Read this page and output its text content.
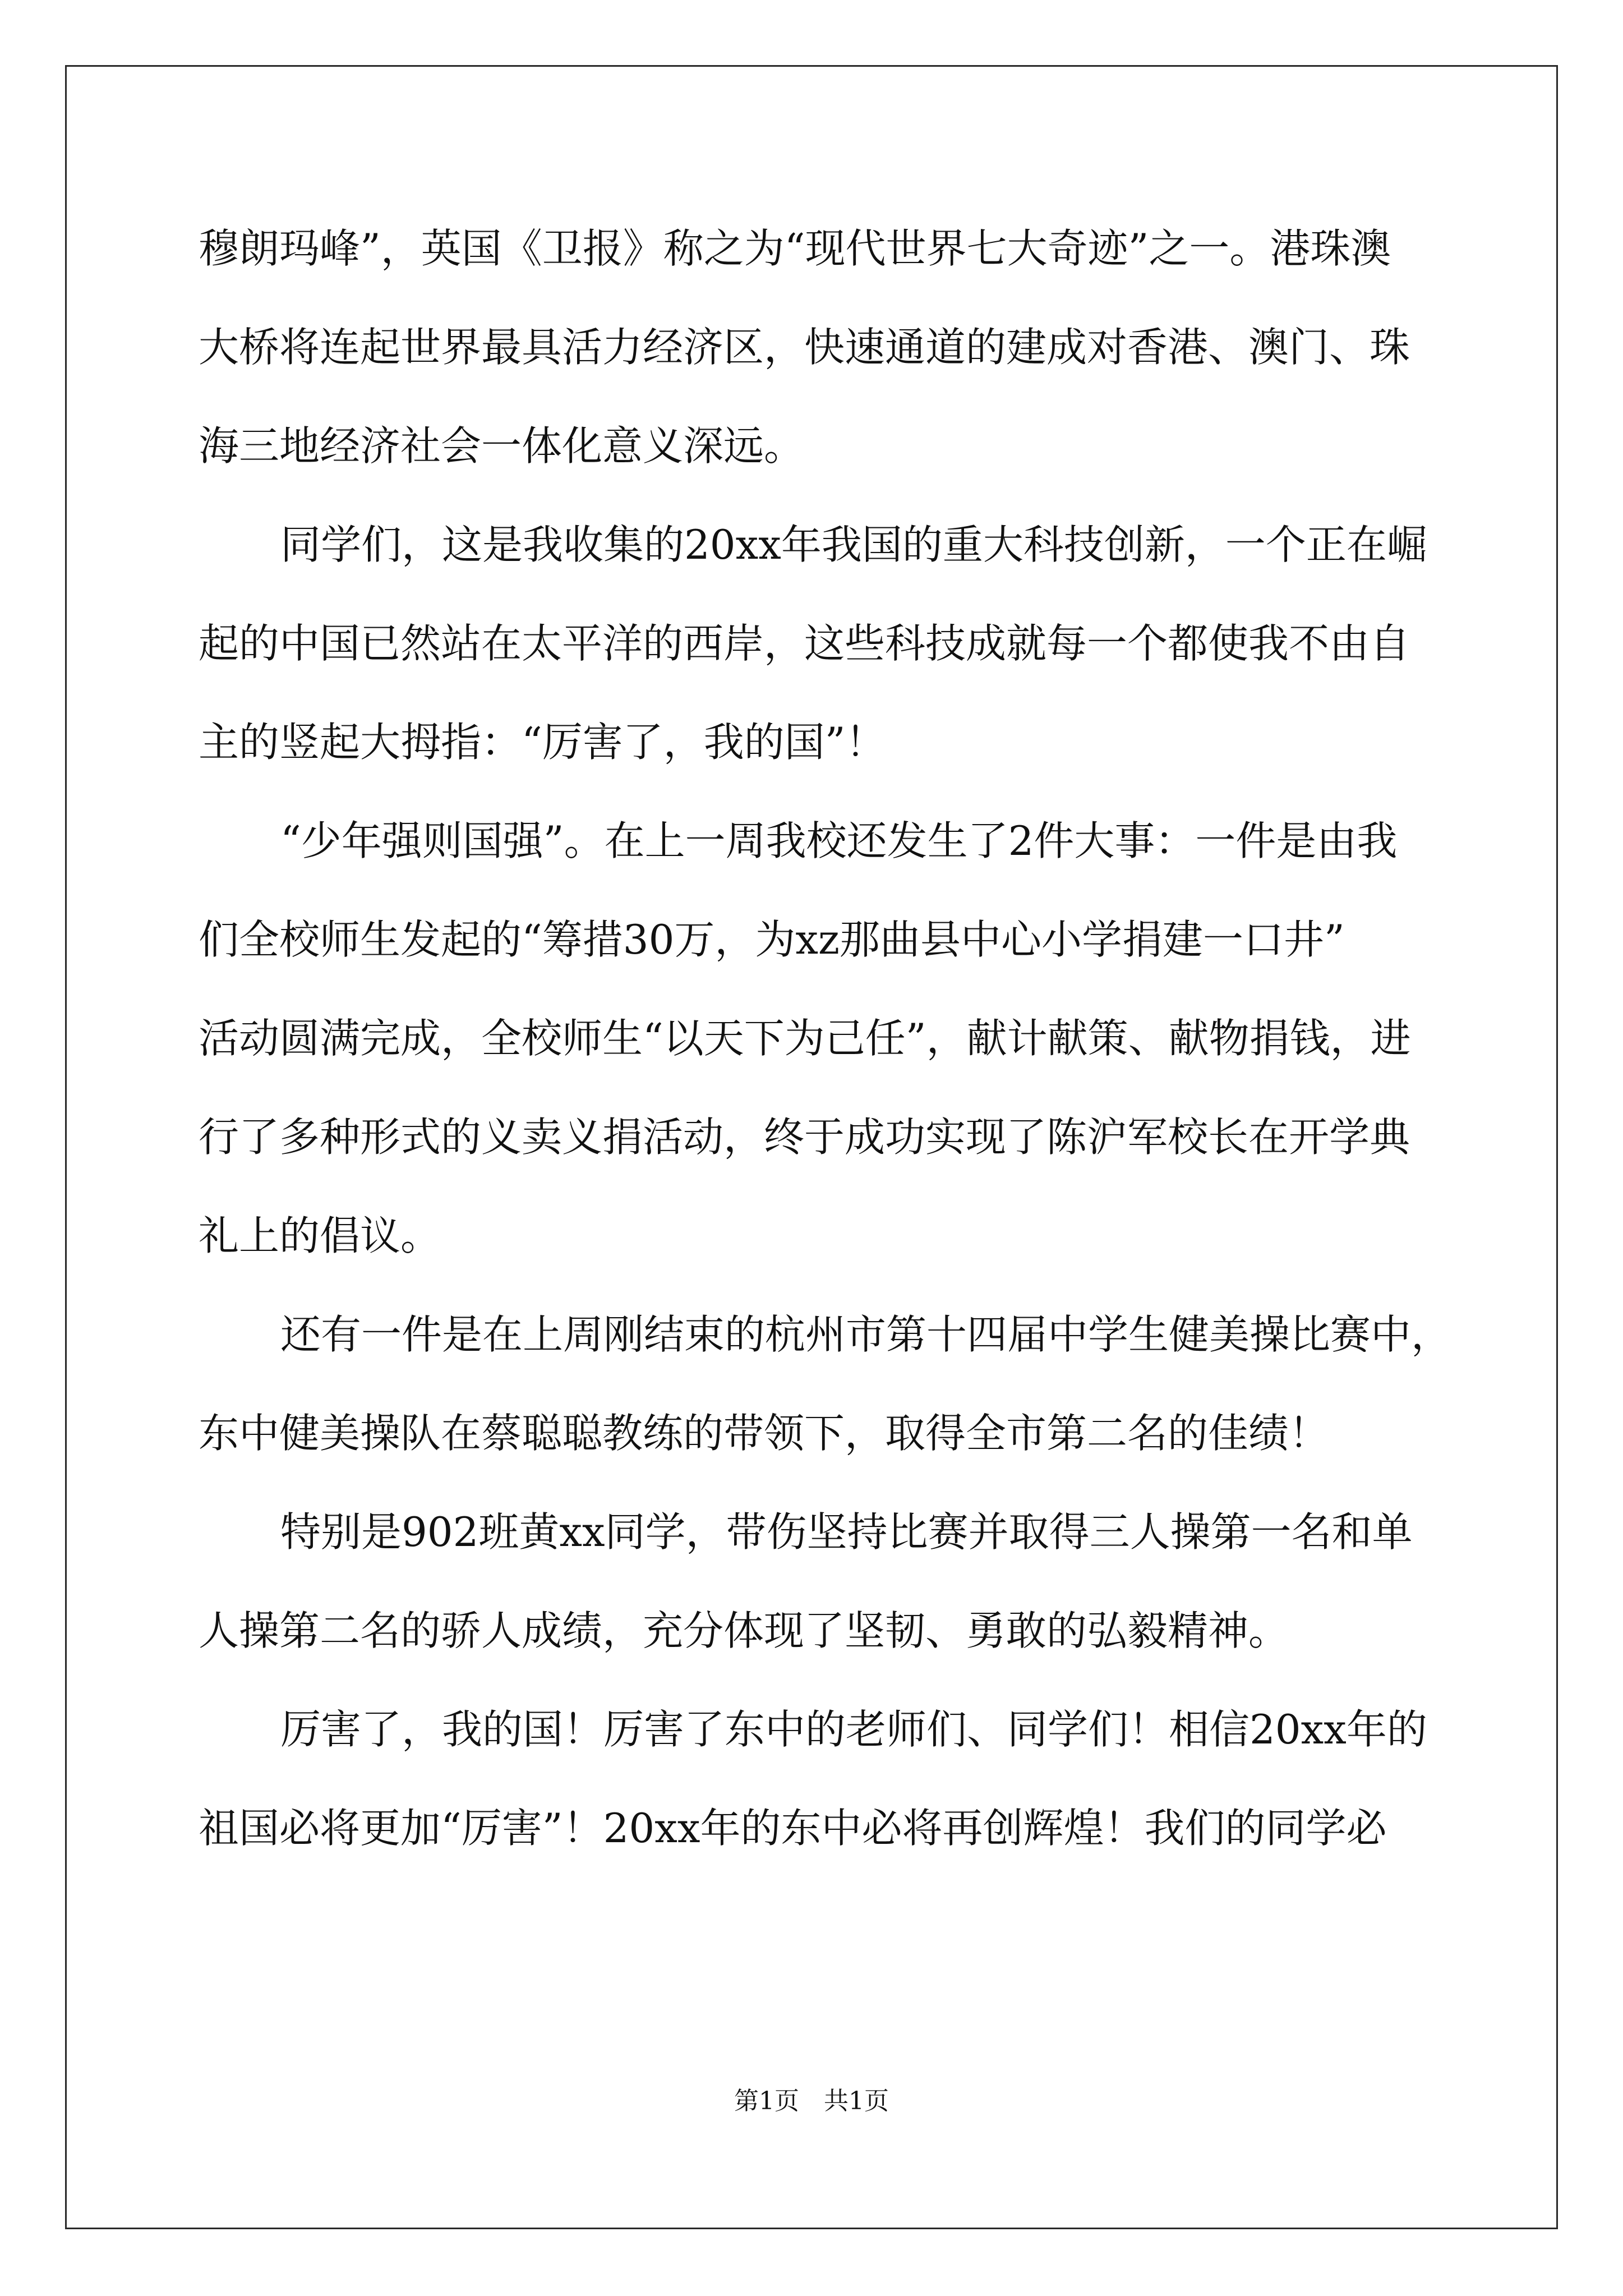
穆朗玛峰”，英国《卫报》称之为“现代世界七大奇迹”之一。港珠澳
大桥将连起世界最具活力经济区，快速通道的建成对香港、澳门、珠
海三地经济社会一体化意义深远。
同学们，这是我收集的20xx年我国的重大科技创新，一个正在崛
起的中国已然站在太平洋的西岸，这些科技成就每一个都使我不由自
主的竖起大拇指：“厉害了，我的国”！
“少年强则国强”。在上一周我校还发生了2件大事：一件是由我
们全校师生发起的“筹措30万，为xz那曲县中心小学捐建一口井”
活动圆满完成，全校师生“以天下为己任”，献计献策、献物捐钱，进
行了多种形式的义卖义捐活动，终于成功实现了陈沪军校长在开学典
礼上的倡议。
还有一件是在上周刚结束的杭州市第十四届中学生健美操比赛中，
东中健美操队在蔡聪聪教练的带领下，取得全市第二名的佳绩！
特别是902班黄xx同学，带伤坚持比赛并取得三人操第一名和单
人操第二名的骄人成绩，充分体现了坚韧、勇敢的弘毅精神。
厉害了，我的国！厉害了东中的老师们、同学们！相信20xx年的
祖国必将更加“厉害”！20xx年的东中必将再创辉煌！我们的同学必
第1页　共1页
